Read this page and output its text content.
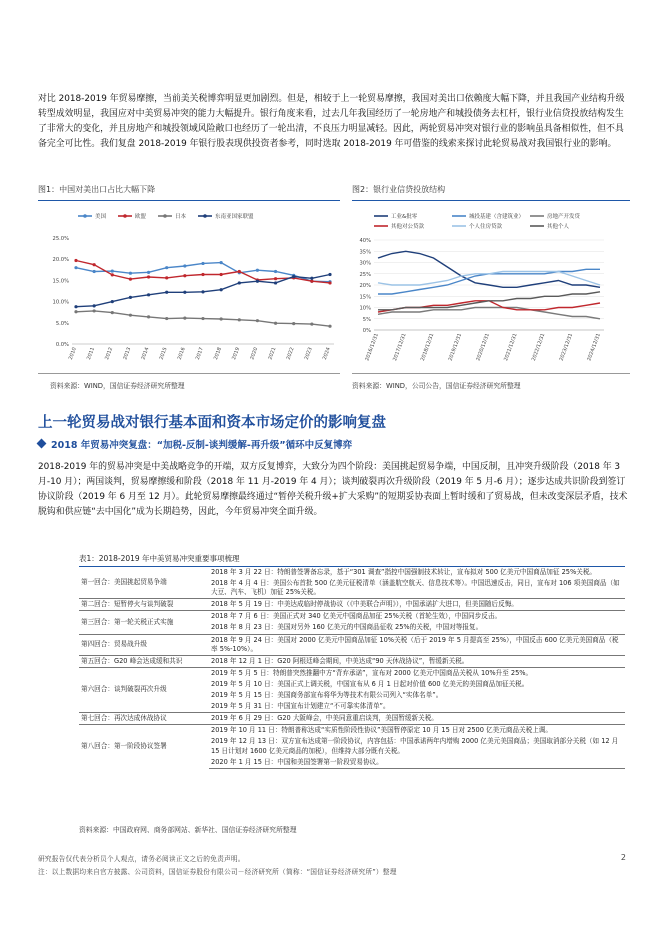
对比 2018-2019 年贸易摩擦，当前美关税博弈明显更加剧烈。但是，相较于上一轮贸易摩擦，我国对美出口依赖度大幅下降，并且我国产业结构升级转型成效明显，我国应对中美贸易冲突的能力大幅提升。银行角度来看，过去几年我国经历了一轮房地产和城投债务去杠杆，银行业信贷投放结构发生了非常大的变化，并且房地产和城投领域风险敞口也经历了一轮出清，不良压力明显减轻。因此，两轮贸易冲突对银行业的影响虽具备相似性，但不具备完全可比性。我们复盘 2018-2019 年银行股表现供投资者参考，同时选取 2018-2019 年可借鉴的线索来探讨此轮贸易战对我国银行业的影响。

图1：中国对美出口占比大幅下降
美国	欧盟	日本	东南亚国家联盟
0.0%
5.0%
10.0%
15.0%
20.0%
25.0%
2010 2011 2012 2013 2014 2015 2016 2017 2018 2019 2020 2021 2022 2023 2024
资料来源：WIND，国信证券经济研究所整理
图2：银行业信贷投放结构
工业&批零	城投基建（含建筑业）	房地产开发贷
其他对公贷款	个人住房贷款	其他个人
0%
5%
10%
15%
20%
25%
30%
35%
40%
2016/12/31 2017/12/31 2018/12/31 2019/12/31 2020/12/31 2021/12/31 2022/12/31 2023/12/31 2024/12/31
资料来源：WIND，公司公告，国信证券经济研究所整理
上一轮贸易战对银行基本面和资本市场定价的影响复盘
2018 年贸易冲突复盘：“加税-反制-谈判缓解-再升级”循环中反复博弈

2018-2019 年的贸易冲突是中美战略竞争的开端，双方反复博弈，大致分为四个阶段：美国挑起贸易争端，中国反制，且冲突升级阶段（2018 年 3 月-10 月）；两国谈判，贸易摩擦缓和阶段（2018 年 11 月-2019 年 4 月）；谈判破裂再次升级阶段（2019 年 5 月-6 月）；逐步达成共识阶段到签订协议阶段（2019 年 6 月至 12 月）。此轮贸易摩擦最终通过“暂停关税升级+扩大采购”的短期妥协表面上暂时缓和了贸易战，但未改变深层矛盾，技术脱钩和供应链“去中国化”成为长期趋势，因此，今年贸易冲突全面升级。

表1：2018-2019 年中美贸易冲突重要事项梳理
第一回合：美国挑起贸易争端	2018 年 3 月 22 日：特朗普签署备忘录，基于“301 调查”指控中国强制技术转让，宣布拟对 500 亿美元中国商品加征 25%关税。
	2018 年 4 月 4 日：美国公布首批 500 亿美元征税清单（涵盖航空航天、信息技术等）。中国迅速反击，同日，宣布对 106 项美国商品（如大豆、汽车、飞机）加征 25%关税。
第二回合：短暂停火与谈判破裂	2018 年 5 月 19 日：中美达成临时停战协议（《中美联合声明》），中国承诺扩大进口，但美国随后反悔。
第三回合：第一轮关税正式实施	2018 年 7 月 6 日：美国正式对 340 亿美元中国商品加征 25%关税（首轮生效），中国同步反击。
	2018 年 8 月 23 日：美国对另外 160 亿美元的中国商品征收 25%的关税，中国对等报复。
第四回合：贸易战升级	2018 年 9 月 24 日：美国对 2000 亿美元中国商品加征 10%关税（后于 2019 年 5 月提高至 25%），中国反击 600 亿美元美国商品（税率 5%-10%）。
第五回合：G20 峰会达成缓和共识	2018 年 12 月 1 日：G20 阿根廷峰会期间，中美达成“90 天休战协议”，暂缓新关税。
第六回合：谈判破裂再次升级	2019 年 5 月 5 日：特朗普突然推翻中方“背弃承诺”，宣布对 2000 亿美元中国商品关税从 10%升至 25%。
	2019 年 5 月 10 日：美国正式上调关税，中国宣布从 6 月 1 日起对价值 600 亿美元的美国商品加征关税。
	2019 年 5 月 15 日：美国商务部宣布将华为等技术有限公司列入“实体名单”。
	2019 年 5 月 31 日：中国宣布计划建立“不可靠实体清单”。
第七回合：再次达成休战协议	2019 年 6 月 29 日：G20 大阪峰会，中美同意重启谈判，美国暂缓新关税。
第八回合：第一阶段协议签署	2019 年 10 月 11 日：特朗普称达成“实质性阶段性协议”美国暂停原定 10 月 15 日对 2500 亿美元商品关税上调。
	2019 年 12 月 13 日：双方宣布达成第一阶段协议，内容包括：中国承诺两年内增购 2000 亿美元美国商品；美国取消部分关税（如 12 月 15 日计划对 1600 亿美元商品的加税），但维持大部分既有关税。
	2020 年 1 月 15 日：中国和美国签署第一阶段贸易协议。
资料来源：中国政府网、商务部网站、新华社、国信证券经济研究所整理
研究报告仅代表分析员个人观点，请务必阅读正文之后的免责声明。
注：以上数据均来自官方披露、公司资料，国信证券股份有限公司－经济研究所（简称：“国信证券经济研究所”）整理
2
